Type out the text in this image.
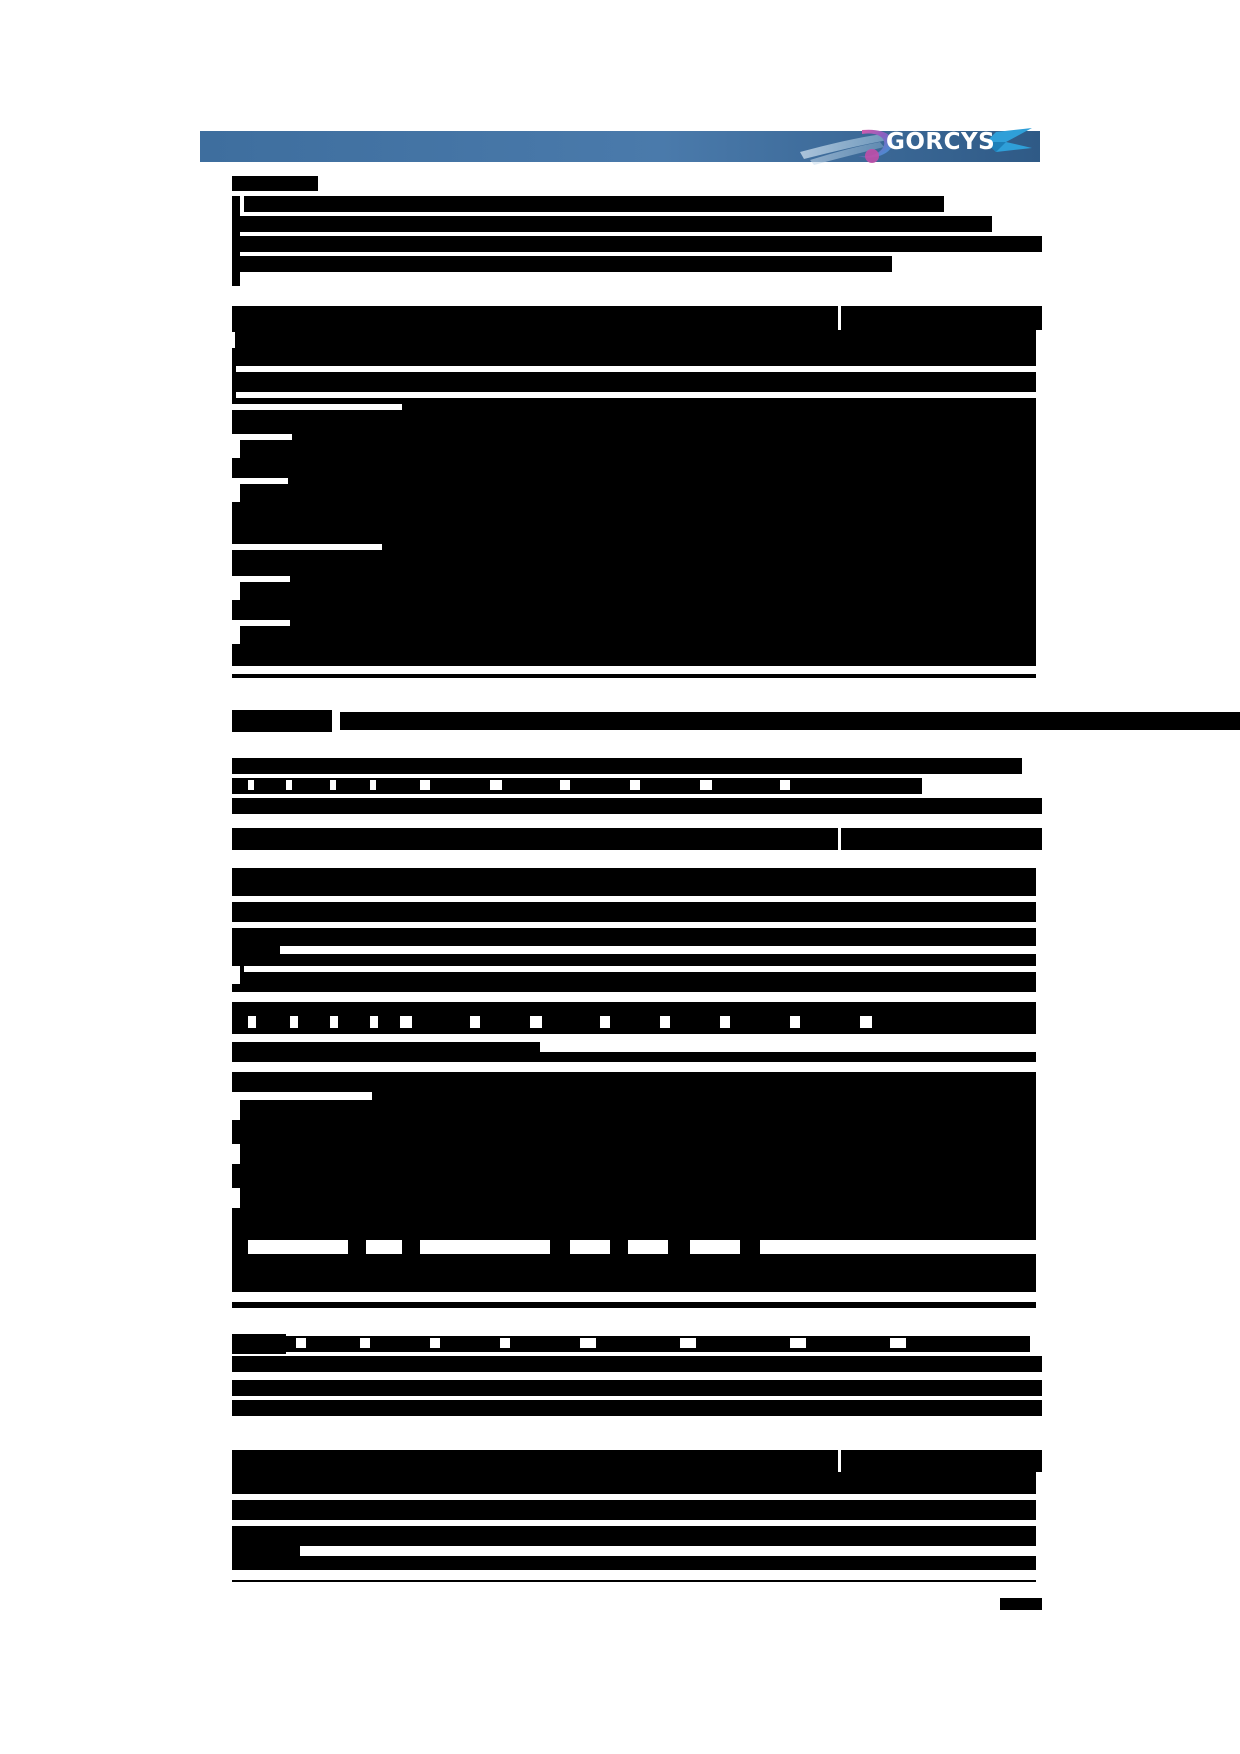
GORCYS
